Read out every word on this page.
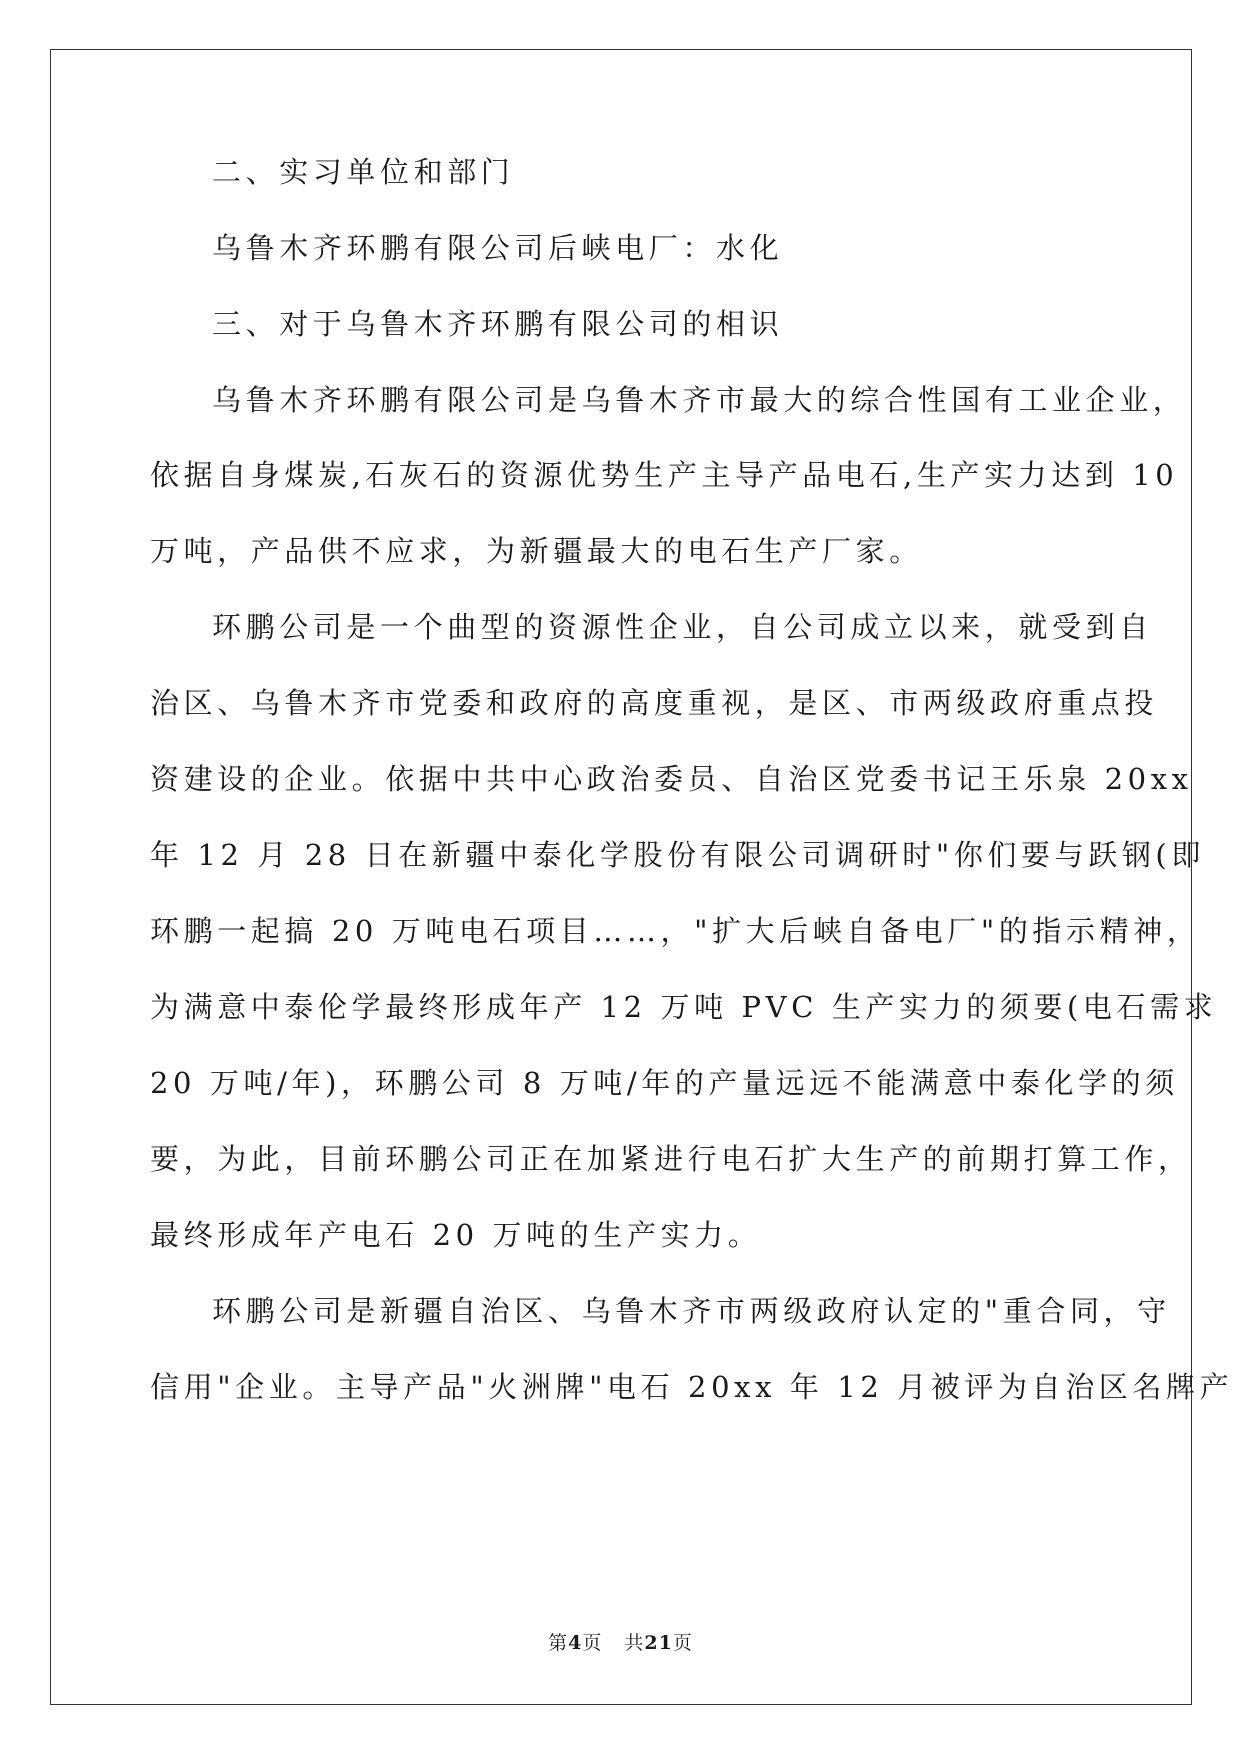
二、实习单位和部门
乌鲁木齐环鹏有限公司后峡电厂：水化
三、对于乌鲁木齐环鹏有限公司的相识
乌鲁木齐环鹏有限公司是乌鲁木齐市最大的综合性国有工业企业，
依据自身煤炭,石灰石的资源优势生产主导产品电石,生产实力达到 10
万吨，产品供不应求，为新疆最大的电石生产厂家。
环鹏公司是一个曲型的资源性企业，自公司成立以来，就受到自
治区、乌鲁木齐市党委和政府的高度重视，是区、市两级政府重点投
资建设的企业。依据中共中心政治委员、自治区党委书记王乐泉 20xx
年 12 月 28 日在新疆中泰化学股份有限公司调研时"你们要与跃钢(即
环鹏一起搞 20 万吨电石项目……，"扩大后峡自备电厂"的指示精神，
为满意中泰伦学最终形成年产 12 万吨 PVC 生产实力的须要(电石需求
20 万吨/年)，环鹏公司 8 万吨/年的产量远远不能满意中泰化学的须
要，为此，目前环鹏公司正在加紧进行电石扩大生产的前期打算工作，
最终形成年产电石 20 万吨的生产实力。
环鹏公司是新疆自治区、乌鲁木齐市两级政府认定的"重合同，守
信用"企业。主导产品"火洲牌"电石 20xx 年 12 月被评为自治区名牌产
第4页 共21页
